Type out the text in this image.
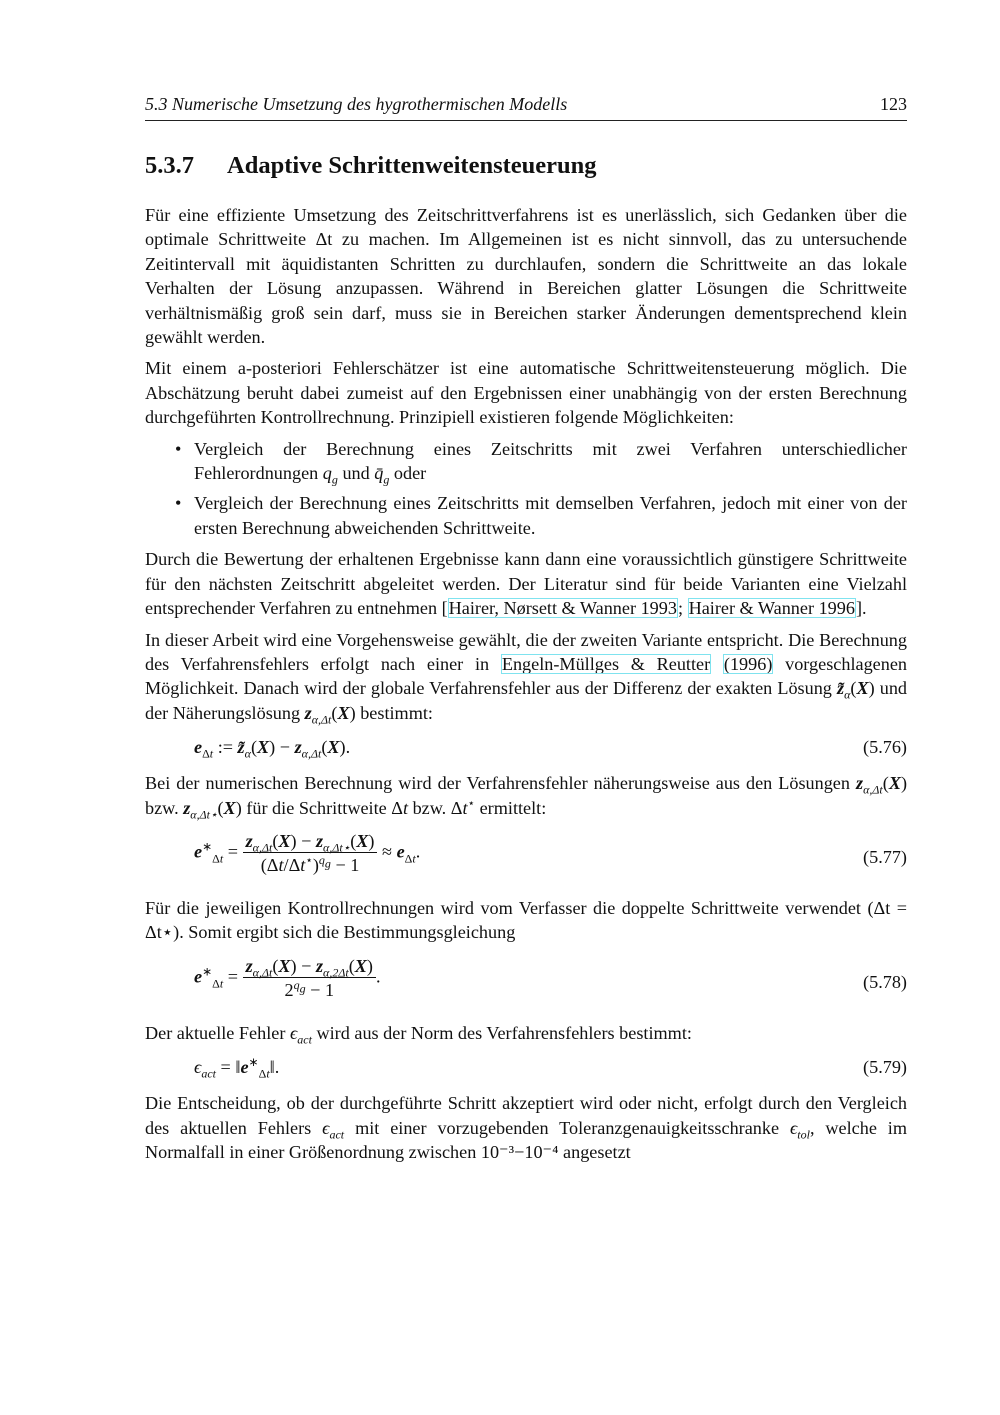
5.3 Numerische Umsetzung des hygrothermischen Modells	123
5.3.7 Adaptive Schrittenweitensteuerung

Für eine effiziente Umsetzung des Zeitschrittverfahrens ist es unerlässlich, sich Gedanken über die optimale Schrittweite Δt zu machen. Im Allgemeinen ist es nicht sinnvoll, das zu untersuchende Zeitintervall mit äquidistanten Schritten zu durchlaufen, sondern die Schrittweite an das lokale Verhalten der Lösung anzupassen. Während in Bereichen glatter Lösungen die Schrittweite verhältnismäßig groß sein darf, muss sie in Bereichen starker Änderungen dementsprechend klein gewählt werden.

Mit einem a-posteriori Fehlerschätzer ist eine automatische Schrittweitensteuerung möglich. Die Abschätzung beruht dabei zumeist auf den Ergebnissen einer unabhängig von der ersten Berechnung durchgeführten Kontrollrechnung. Prinzipiell existieren folgende Möglichkeiten:

• Vergleich der Berechnung eines Zeitschritts mit zwei Verfahren unterschiedlicher Fehlerordnungen $q_g$ und $q̄_g$ oder
• Vergleich der Berechnung eines Zeitschritts mit demselben Verfahren, jedoch mit einer von der ersten Berechnung abweichenden Schrittweite.

Durch die Bewertung der erhaltenen Ergebnisse kann dann eine voraussichtlich günstigere Schrittweite für den nächsten Zeitschritt abgeleitet werden. Der Literatur sind für beide Varianten eine Vielzahl entsprechender Verfahren zu entnehmen [Hairer, Nørsett & Wanner 1993; Hairer & Wanner 1996].

In dieser Arbeit wird eine Vorgehensweise gewählt, die der zweiten Variante entspricht. Die Berechnung des Verfahrensfehlers erfolgt nach einer in Engeln-Müllges & Reutter (1996) vorgeschlagenen Möglichkeit. Danach wird der globale Verfahrensfehler aus der Differenz der exakten Lösung $z̃_\alpha(X)$ und der Näherungslösung $z_{\alpha,\Delta t}(X)$ bestimmt:

$e_{\Delta t}$ := $z̃_\alpha(X) - z_{\alpha,\Delta t}(X)$.	(5.76)

Bei der numerischen Berechnung wird der Verfahrensfehler näherungsweise aus den Lösungen $z_{\alpha,\Delta t}(X)$ bzw. $z_{\alpha,\Delta t⋆}(X)$ für die Schrittweite Δt bzw. Δt⋆ ermittelt:

$e^∗_{\Delta t} = \frac{z_{\alpha,\Delta t}(X) - z_{\alpha,\Delta t⋆}(X)}{(\Delta t/\Delta t^⋆)^{q_g} - 1} \approx e_{\Delta t}$.	(5.77)

Für die jeweiligen Kontrollrechnungen wird vom Verfasser die doppelte Schrittweite verwendet (Δt = Δt⋆). Somit ergibt sich die Bestimmungsgleichung

$e^∗_{\Delta t} = \frac{z_{\alpha,\Delta t}(X) - z_{\alpha,2\Delta t}(X)}{2^{q_g} - 1}$ .	(5.78)

Der aktuelle Fehler $\epsilon_{act}$ wird aus der Norm des Verfahrensfehlers bestimmt:

$\epsilon_{act}$ = $‖e^∗_{\Delta t}‖$.	(5.79)

Die Entscheidung, ob der durchgeführte Schritt akzeptiert wird oder nicht, erfolgt durch den Vergleich des aktuellen Fehlers $\epsilon_{act}$ mit einer vorzugebenden Toleranzgenauigkeitsschranke $\epsilon_{tol}$, welche im Normalfall in einer Größenordnung zwischen 10⁻³−10⁻⁴ angesetzt
